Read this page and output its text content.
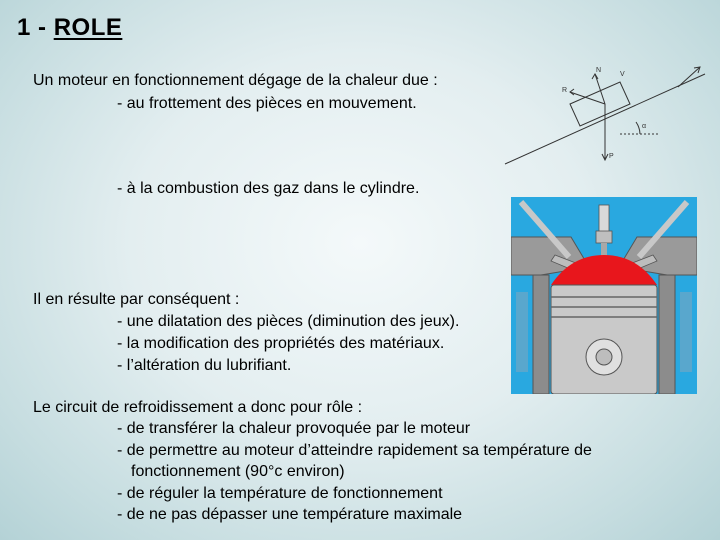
1 - ROLE
Un moteur en fonctionnement dégage de la chaleur due :
- au frottement des pièces en mouvement.
- à la combustion des gaz dans le cylindre.
Il en résulte par conséquent :
- une dilatation des pièces (diminution des jeux).
- la modification des propriétés des matériaux.
- l’altération du lubrifiant.
Le circuit de refroidissement a donc pour rôle :
- de transférer la chaleur provoquée par le moteur
- de permettre au moteur d’atteindre rapidement sa température de
fonctionnement (90°c environ)
- de réguler la température de fonctionnement
- de ne pas dépasser une température maximale
R
N
α
P
V
